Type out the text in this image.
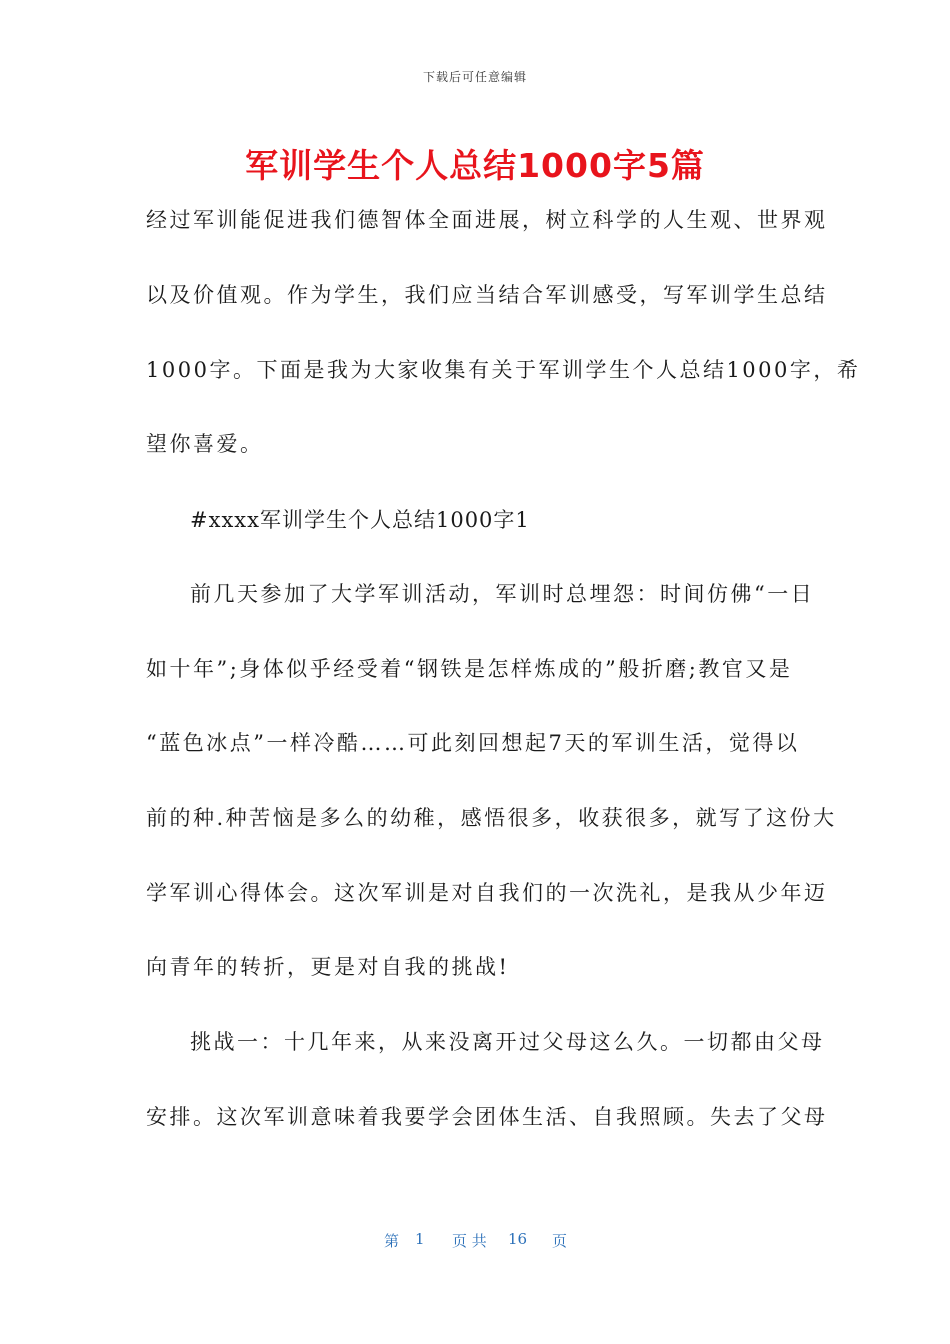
下载后可任意编辑
军训学生个人总结1000字5篇
经过军训能促进我们德智体全面进展，树立科学的人生观、世界观
以及价值观。作为学生，我们应当结合军训感受，写军训学生总结
1000字。下面是我为大家收集有关于军训学生个人总结1000字，希
望你喜爱。
#xxxx军训学生个人总结1000字1
前几天参加了大学军训活动，军训时总埋怨：时间仿佛“一日
如十年”;身体似乎经受着“钢铁是怎样炼成的”般折磨;教官又是
“蓝色冰点”一样冷酷……可此刻回想起7天的军训生活，觉得以
前的种.种苦恼是多么的幼稚，感悟很多，收获很多，就写了这份大
学军训心得体会。这次军训是对自我们的一次洗礼，是我从少年迈
向青年的转折，更是对自我的挑战!
挑战一：十几年来，从来没离开过父母这么久。一切都由父母
安排。这次军训意味着我要学会团体生活、自我照顾。失去了父母
第 1 页 共 16 页
